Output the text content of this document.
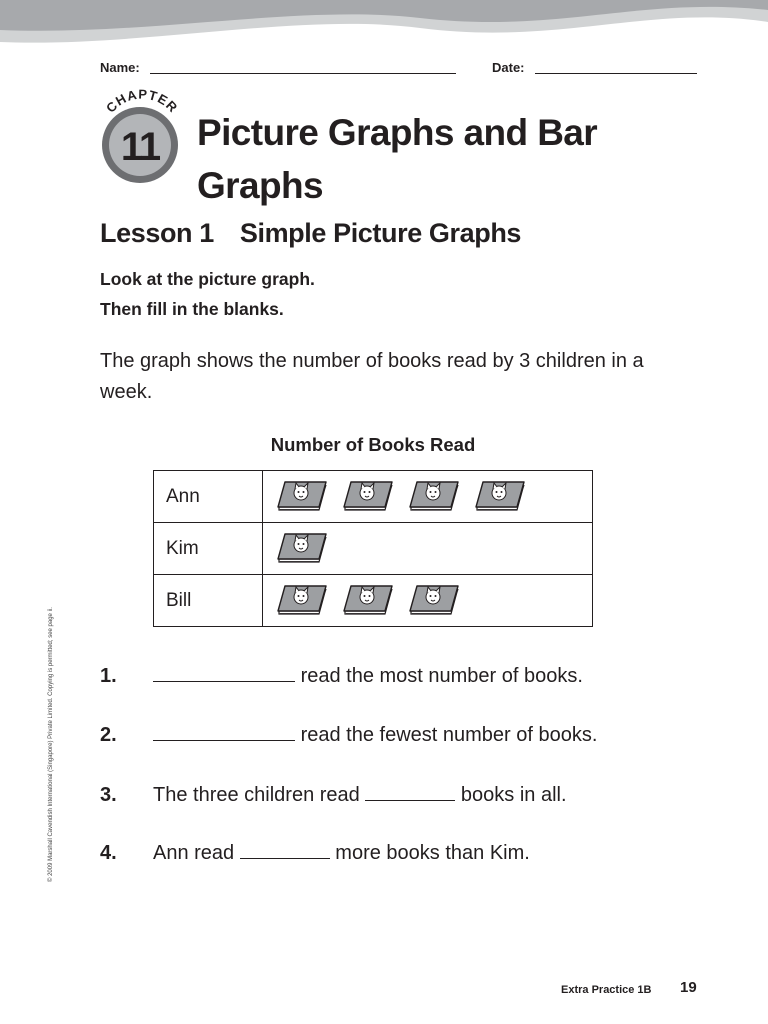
Name:	Date:
CHAPTER
11 Picture Graphs and Bar Graphs
Lesson 1 Simple Picture Graphs
Look at the picture graph.
Then fill in the blanks.
The graph shows the number of books read by 3 children in a week.
Number of Books Read
Ann	

Kim	

Bill	
1.	read the most number of books.
2.	read the fewest number of books.
3. The three children read	books in all.
4. Ann read	more books than Kim.
© 2009 Marshall Cavendish International (Singapore) Private Limited. Copying is permitted; see page ii.
Extra Practice 1B 19
